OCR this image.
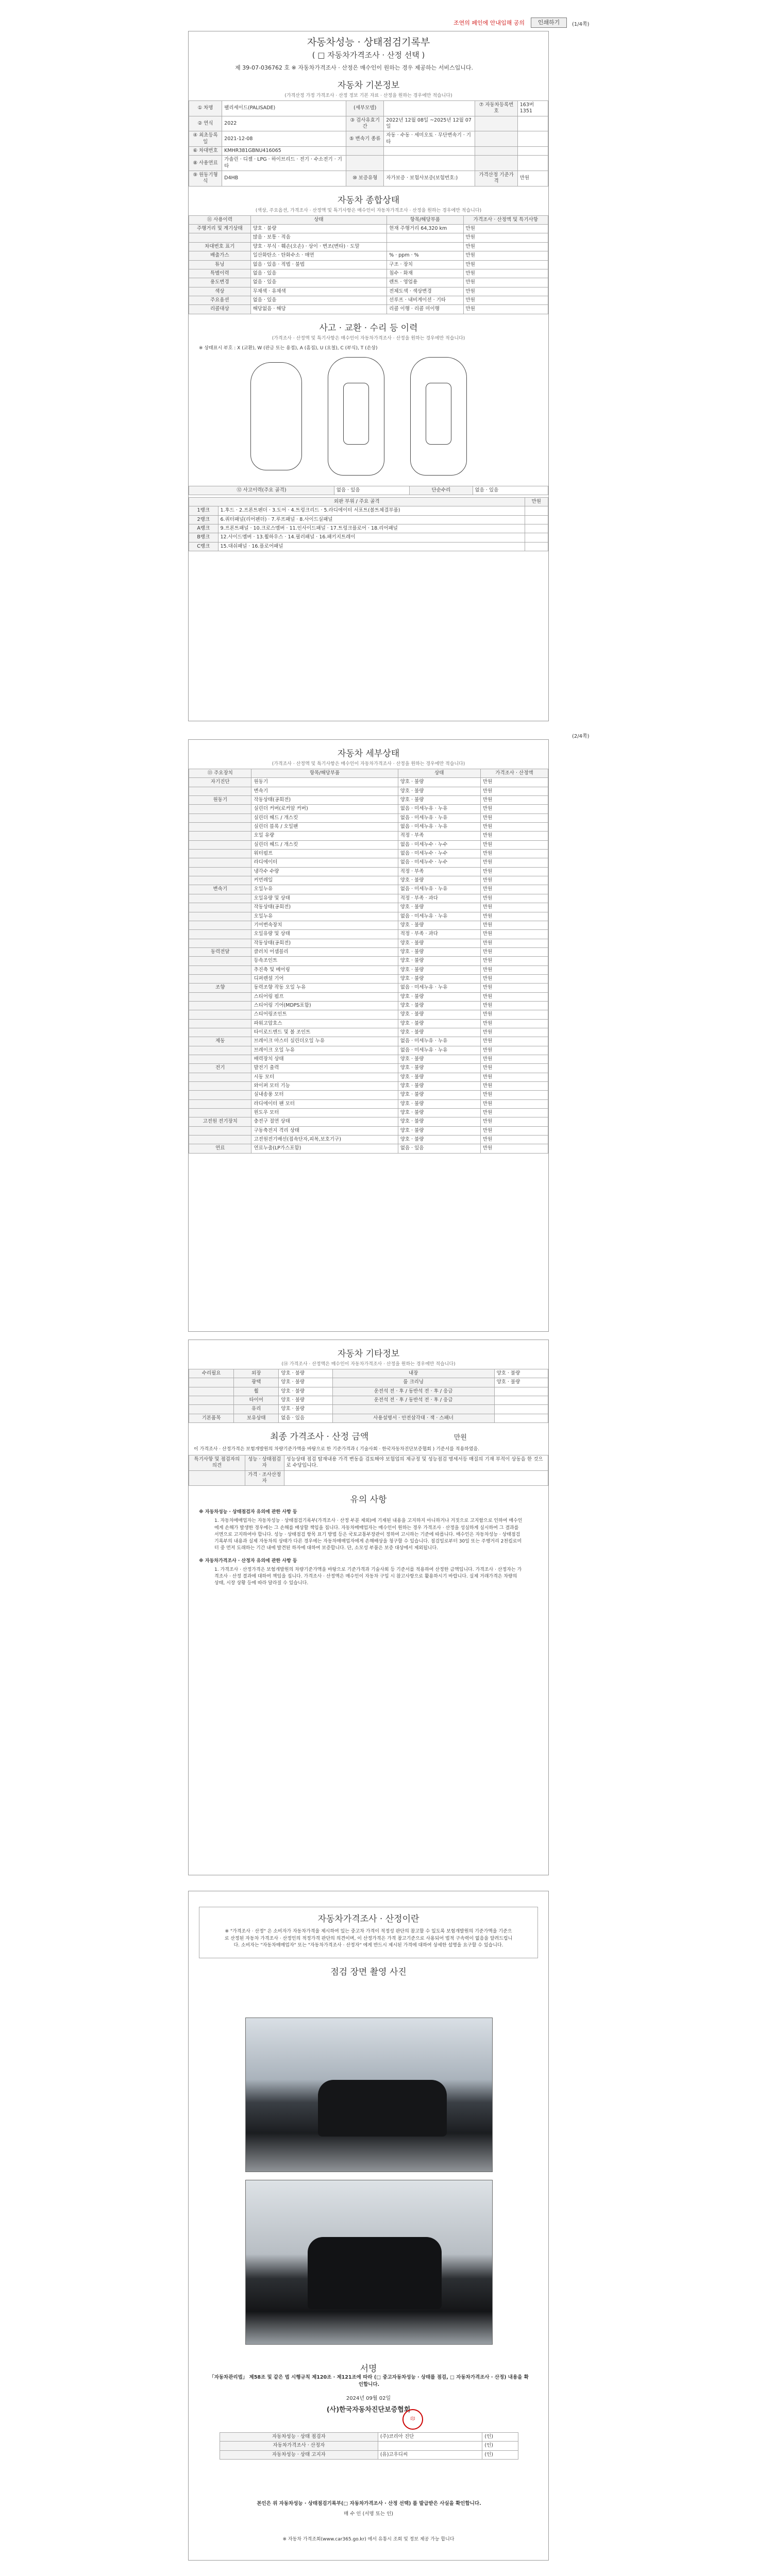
조연의 페인에 안내입해 공의	인쇄하기	(1/4쪽)
자동차성능 · 상태점검기록부
( □ 자동차가격조사 · 산정 선택 )
제 39-07-036762 호 ※ 자동차가격조사 · 산정은 매수인이 원하는 경우 제공하는 서비스입니다.
자동차 기본정보
(가격산정 가정 가격조사 · 산정 정보 기본 자료 · 산정을 원하는 경우에만 적습니다)
① 차명	팰리세이드(PALISADE)	(세부모델)		⑦ 자동차등록번호	163버1351
② 연식	2022	③ 검사유효기간	2022년 12월 08일 ~2025년 12월 07일		
④ 최초등록일	2021-12-08	⑤ 변속기 종류	자동 · 수동 · 세미오토 · 무단변속기 · 기타		
⑥ 차대번호	KMHR381GBNU416065				
⑧ 사용연료	가솔린 · 디젤 · LPG · 하이브리드 · 전기 · 수소전기 · 기타				
⑨ 원동기형식	D4HB	⑩ 보증유형	자가보증 · 보험사보증(보험번호:)	가격산정 기준가격	만원
자동차 종합상태
(색상, 주요옵션, 가격조사 · 산정액 및 특기사항은 매수인이 자동차가격조사 · 산정을 원하는 경우에만 적습니다)
⑪ 사용이력	상태	항목/해당부품	가격조사 · 산정액 및 특기사항
주행거리 및 계기상태	양호 · 불량	현재 주행거리 64,320 km	만원
	많음 · 보통 · 적음		만원
차대번호 표기	양호 · 부식 · 훼손(오손) · 상이 · 변조(변타) · 도말		만원
배출가스	일산화탄소 · 탄화수소 · 매연	% · ppm · %	만원
튜닝	없음 · 있음 · 적법 · 불법	구조 · 장치	만원
특별이력	없음 · 있음	침수 · 화재	만원
용도변경	없음 · 있음	렌트 · 영업용	만원
색상	무채색 · 유채색	전체도색 · 색상변경	만원
주요옵션	없음 · 있음	선루프 · 내비게이션 · 기타	만원
리콜대상	해당없음 · 해당	리콜 이행 · 리콜 미이행	만원
사고 · 교환 · 수리 등 이력
(가격조사 · 산정액 및 특기사항은 매수인이 자동차가격조사 · 산정을 원하는 경우에만 적습니다)
※ 상태표시 부호 : X (교환), W (판금 또는 용접), A (흠집), U (요철), C (부식), T (손상)
⑫ 사고이력(주요 골격)	없음 · 있음	단순수리	없음 · 있음
외판 부위 / 주요 골격		만원
1랭크	1.후드 · 2.프론트펜더 · 3.도어 · 4.트렁크리드 · 5.라디에이터 서포트(볼트체결부품)	
2랭크	6.쿼터패널(리어펜더) · 7.루프패널 · 8.사이드실패널	
A랭크	9.프론트패널 · 10.크로스멤버 · 11.인사이드패널 · 17.트렁크플로어 · 18.리어패널	
B랭크	12.사이드멤버 · 13.휠하우스 · 14.필러패널 · 16.패키지트레이	
C랭크	15.대쉬패널 · 16.플로어패널	
(2/4쪽)
자동차 세부상태
(가격조사 · 산정액 및 특기사항은 매수인이 자동차가격조사 · 산정을 원하는 경우에만 적습니다)
⑬ 주요장치	항목/해당부품	상태	가격조사 · 산정액
자기진단	원동기	양호 · 불량	만원
	변속기	양호 · 불량	만원
원동기	작동상태(공회전)	양호 · 불량	만원
	실린더 커버(로커암 커버)	없음 · 미세누유 · 누유	만원
	실린더 헤드 / 개스킷	없음 · 미세누유 · 누유	만원
	실린더 블록 / 오일팬	없음 · 미세누유 · 누유	만원
	오일 유량	적정 · 부족	만원
	실린더 헤드 / 개스킷	없음 · 미세누수 · 누수	만원
	워터펌프	없음 · 미세누수 · 누수	만원
	라디에이터	없음 · 미세누수 · 누수	만원
	냉각수 수량	적정 · 부족	만원
	커먼레일	양호 · 불량	만원
변속기	오일누유	없음 · 미세누유 · 누유	만원
	오일유량 및 상태	적정 · 부족 · 과다	만원
	작동상태(공회전)	양호 · 불량	만원
	오일누유	없음 · 미세누유 · 누유	만원
	기어변속장치	양호 · 불량	만원
	오일유량 및 상태	적정 · 부족 · 과다	만원
	작동상태(공회전)	양호 · 불량	만원
동력전달	클러치 어셈블리	양호 · 불량	만원
	등속조인트	양호 · 불량	만원
	추진축 및 베어링	양호 · 불량	만원
	디퍼렌셜 기어	양호 · 불량	만원
조향	동력조향 작동 오일 누유	없음 · 미세누유 · 누유	만원
	스티어링 펌프	양호 · 불량	만원
	스티어링 기어(MDPS포함)	양호 · 불량	만원
	스티어링조인트	양호 · 불량	만원
	파워고압호스	양호 · 불량	만원
	타이로드엔드 및 볼 조인트	양호 · 불량	만원
제동	브레이크 마스터 실린더오일 누유	없음 · 미세누유 · 누유	만원
	브레이크 오일 누유	없음 · 미세누유 · 누유	만원
	배력장치 상태	양호 · 불량	만원
전기	발전기 출력	양호 · 불량	만원
	시동 모터	양호 · 불량	만원
	와이퍼 모터 기능	양호 · 불량	만원
	실내송풍 모터	양호 · 불량	만원
	라디에이터 팬 모터	양호 · 불량	만원
	윈도우 모터	양호 · 불량	만원
고전원 전기장치	충전구 절연 상태	양호 · 불량	만원
	구동축전지 격리 상태	양호 · 불량	만원
	고전원전기배선(접속단자,피복,보호기구)	양호 · 불량	만원
연료	연료누출(LP가스포함)	없음 · 있음	만원
자동차 기타정보
(⑭ 가격조사 · 산정액은 매수인이 자동차가격조사 · 산정을 원하는 경우에만 적습니다)
수리필요	외장	양호 · 불량	내장	양호 · 불량
	광택	양호 · 불량	룸 크리닝	양호 · 불량
	휠	양호 · 불량	운전석 전 · 후 / 동반석 전 · 후 / 응급	
	타이어	양호 · 불량	운전석 전 · 후 / 동반석 전 · 후 / 응급	
	유리	양호 · 불량		
기본품목	보유상태	없음 · 있음	사용설명서 · 안전삼각대 · 잭 · 스패너	
최종 가격조사 · 산정 금액	만원
이 가격조사 · 산정가격은 보험개발원의 차량기준가액을 바탕으로 한 기준가격과 ( 기술사회 · 한국자동차진단보증협회 ) 기준서를 적용하였음.
특기사항 및 점검자의 의견	성능 · 상태점검자	성능상태 점검 탑재내용 가격 변동을 검토해야 보험업의 제규정 및 성능점검 명세서등 매질의 기재 부적이 상동을 한 것으로 수당입니다.
	가격 · 조사산정자	
유의 사항
※ 자동차성능 · 상태점검자 유의에 관한 사항 등
1. 자동차매매업자는 자동차성능 · 상태점검기록부(가격조사 · 산정 부분 제외)에 기재된 내용을 고지하지 아니하거나 거짓으로 고지함으로 인하여 매수인에게 손해가 발생한 경우에는 그 손해를 배상할 책임을 집니다. 자동차매매업자는 매수인이 원하는 경우 가격조사 · 산정을 성실하게 실시하여 그 결과를 서면으로 고지하여야 합니다. 성능 · 상태점검 항목 표기 방법 등은 국토교통부장관이 정하여 고시하는 기준에 따릅니다. 매수인은 자동차성능 · 상태점검기록부의 내용과 실제 자동차의 상태가 다른 경우에는 자동차매매업자에게 손해배상을 청구할 수 있습니다. 점검일로부터 30일 또는 주행거리 2천킬로미터 중 먼저 도래하는 기간 내에 발견된 하자에 대하여 보증합니다. 단, 소모성 부품은 보증 대상에서 제외됩니다.
※ 자동차가격조사 · 산정자 유의에 관한 사항 등
1. 가격조사 · 산정가격은 보험개발원의 차량기준가액을 바탕으로 기준가격과 기술사회 등 기준서를 적용하여 산정한 금액입니다. 가격조사 · 산정자는 가격조사 · 산정 결과에 대하여 책임을 집니다. 가격조사 · 산정액은 매수인이 자동차 구입 시 참고사항으로 활용하시기 바랍니다. 실제 거래가격은 차량의 상태, 시장 상황 등에 따라 달라질 수 있습니다.
자동차가격조사 · 산정이란
※ "가격조사 · 산정" 은 소비자가 자동차가격을 제시하여 있는 중고차 가격이 적정성 판단의 참고할 수 있도록 보험개발원의 기준가액을 기준으로 산정된 자동차 가격조사 · 산정인의 적정가격 판단의 의견이며, 이 산정가격은 가격 참고기준으로 사용되어 법적 구속력이 없음을 알려드립니다. 소비자는 "자동차매매업자" 또는 "자동차가격조사 · 산정자" 에게 반드시 제시된 가격에 대하여 상세한 설명을 요구할 수 있습니다.
점검 장면 촬영 사진
서명
「자동차관리법」 제58조 및 같은 법 시행규칙 제120조 · 제121조에 따라 (□ 중고자동차성능 · 상태를 점검, □ 자동차가격조사 · 산정) 내용을 확인합니다.
2024년 09월 02일
(사)한국자동차진단보증협회
印
자동차성능 · 상태 점검자	(주)코리아 진단	(인)
자동차가격조사 · 산정자		(인)
자동차성능 · 상태 고지자	(유)고우디씨	(인)
본인은 위 자동차성능 · 상태점검기록부(□ 자동차가격조사 · 산정 선택) 를 발급받은 사실을 확인합니다.
매 수 인 (서명 또는 인)
※ 자동차 가격조회(www.car365.go.kr) 에서 유통시 조회 및 정보 제공 가능 합니다
